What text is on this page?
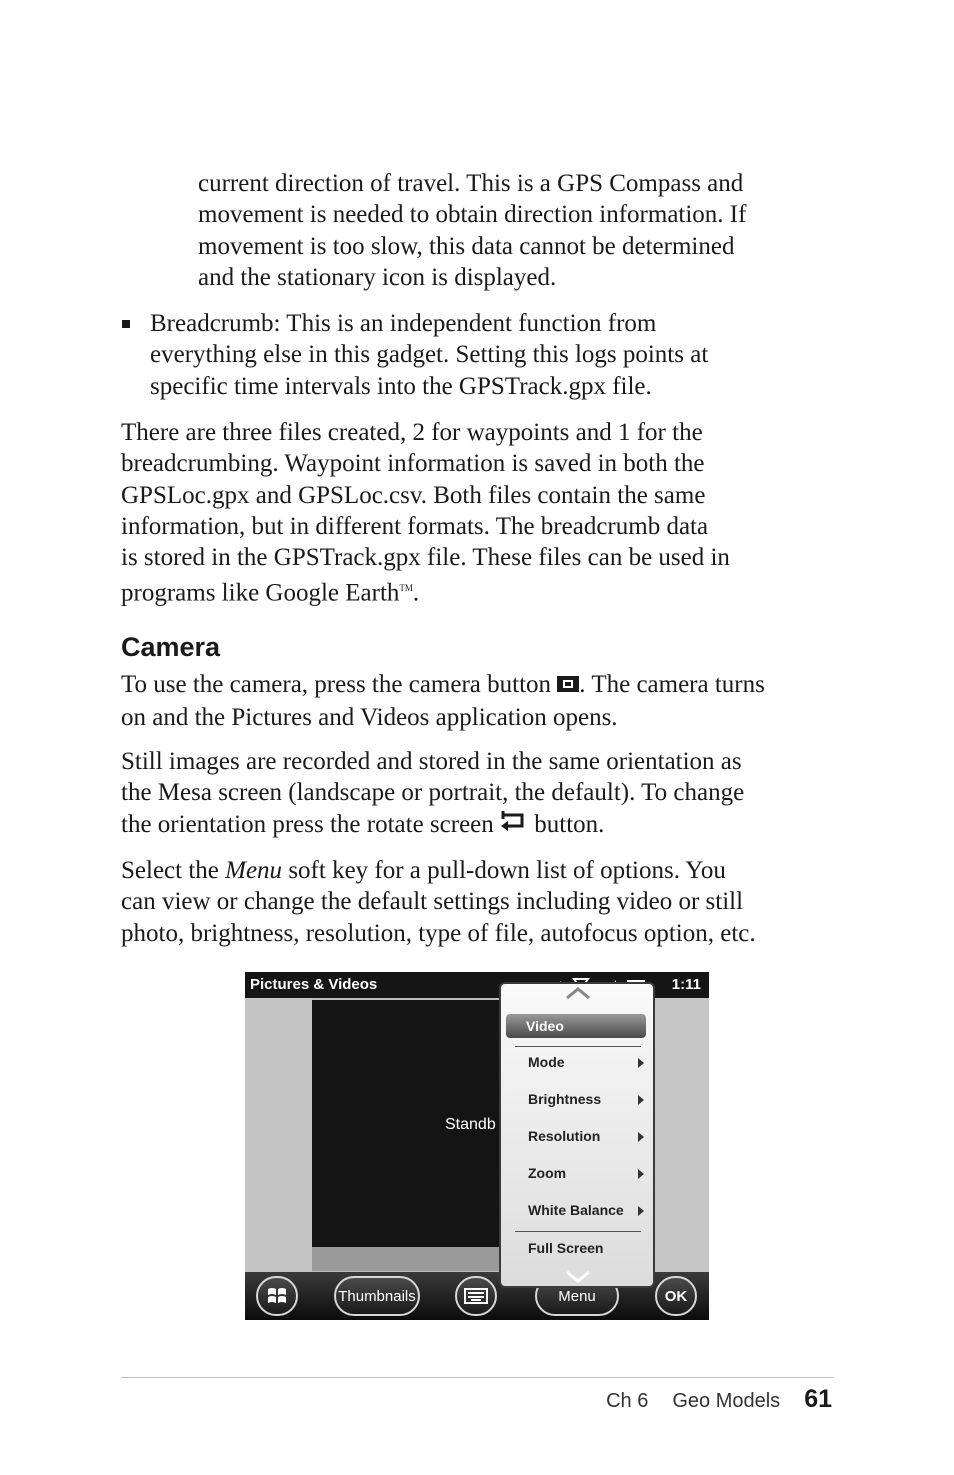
current direction of travel. This is a GPS Compass and
movement is needed to obtain direction information. If
movement is too slow, this data cannot be determined
and the stationary icon is displayed.
Breadcrumb: This is an independent function from
everything else in this gadget. Setting this logs points at
specific time intervals into the GPSTrack.gpx file.
There are three files created, 2 for waypoints and 1 for the
breadcrumbing. Waypoint information is saved in both the
GPSLoc.gpx and GPSLoc.csv. Both files contain the same
information, but in different formats. The breadcrumb data
is stored in the GPSTrack.gpx file. These files can be used in
programs like Google Earth™.
Camera
To use the camera, press the camera button . The camera turns
on and the Pictures and Videos application opens.
Still images are recorded and stored in the same orientation as
the Mesa screen (landscape or portrait, the default). To change
the orientation press the rotate screen  button.
Select the Menu soft key for a pull-down list of options. You
can view or change the default settings including video or still
photo, brightness, resolution, type of file, autofocus option, etc.
Pictures & Videos	1:11
Standb
Thumbnails	Menu	OK
Video
Mode
Brightness
Resolution
Zoom
White Balance
Full Screen
Ch 6 Geo Models 61
